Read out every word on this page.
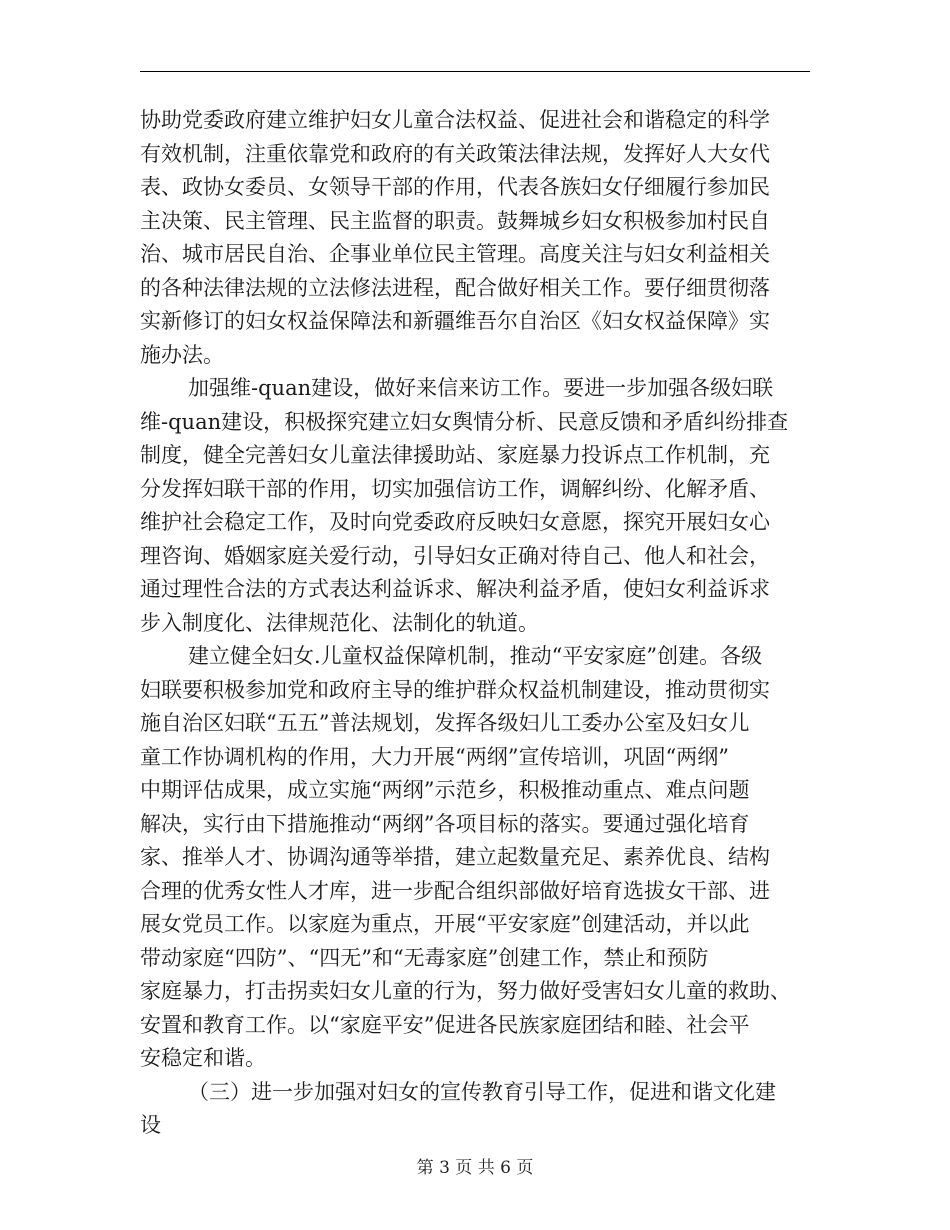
协助党委政府建立维护妇女儿童合法权益、促进社会和谐稳定的科学
有效机制，注重依靠党和政府的有关政策法律法规，发挥好人大女代
表、政协女委员、女领导干部的作用，代表各族妇女仔细履行参加民
主决策、民主管理、民主监督的职责。鼓舞城乡妇女积极参加村民自
治、城市居民自治、企事业单位民主管理。高度关注与妇女利益相关
的各种法律法规的立法修法进程，配合做好相关工作。要仔细贯彻落
实新修订的妇女权益保障法和新疆维吾尔自治区《妇女权益保障》实
施办法。
加强维-quan建设，做好来信来访工作。要进一步加强各级妇联
维-quan建设，积极探究建立妇女舆情分析、民意反馈和矛盾纠纷排查
制度，健全完善妇女儿童法律援助站、家庭暴力投诉点工作机制，充
分发挥妇联干部的作用，切实加强信访工作，调解纠纷、化解矛盾、
维护社会稳定工作，及时向党委政府反映妇女意愿，探究开展妇女心
理咨询、婚姻家庭关爱行动，引导妇女正确对待自己、他人和社会，
通过理性合法的方式表达利益诉求、解决利益矛盾，使妇女利益诉求
步入制度化、法律规范化、法制化的轨道。
建立健全妇女.儿童权益保障机制，推动“平安家庭”创建。各级
妇联要积极参加党和政府主导的维护群众权益机制建设，推动贯彻实
施自治区妇联“五五”普法规划，发挥各级妇儿工委办公室及妇女儿
童工作协调机构的作用，大力开展“两纲”宣传培训，巩固“两纲”
中期评估成果，成立实施“两纲”示范乡，积极推动重点、难点问题
解决，实行由下措施推动“两纲”各项目标的落实。要通过强化培育
家、推举人才、协调沟通等举措，建立起数量充足、素养优良、结构
合理的优秀女性人才库，进一步配合组织部做好培育选拔女干部、进
展女党员工作。以家庭为重点，开展“平安家庭”创建活动，并以此
带动家庭“四防”、“四无”和“无毒家庭”创建工作，禁止和预防
家庭暴力，打击拐卖妇女儿童的行为，努力做好受害妇女儿童的救助、
安置和教育工作。以“家庭平安”促进各民族家庭团结和睦、社会平
安稳定和谐。
（三）进一步加强对妇女的宣传教育引导工作，促进和谐文化建
设
第 3 页 共 6 页
